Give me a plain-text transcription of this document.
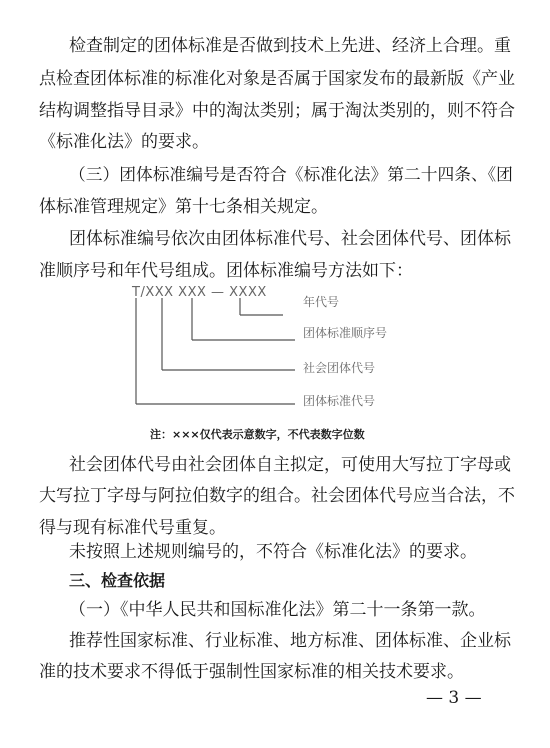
检查制定的团体标准是否做到技术上先进、经济上合理。重
点检查团体标准的标准化对象是否属于国家发布的最新版《产业
结构调整指导目录》中的淘汰类别；属于淘汰类别的，则不符合
《标准化法》的要求。
（三）团体标准编号是否符合《标准化法》第二十四条、《团
体标准管理规定》第十七条相关规定。
团体标准编号依次由团体标准代号、社会团体代号、团体标
准顺序号和年代号组成。团体标准编号方法如下：
T/XXX XXX — XXXX
年代号
团体标准顺序号
社会团体代号
团体标准代号
注：×××仅代表示意数字，不代表数字位数
社会团体代号由社会团体自主拟定，可使用大写拉丁字母或
大写拉丁字母与阿拉伯数字的组合。社会团体代号应当合法，不
得与现有标准代号重复。
未按照上述规则编号的，不符合《标准化法》的要求。
三、检查依据
（一）《中华人民共和国标准化法》第二十一条第一款。
推荐性国家标准、行业标准、地方标准、团体标准、企业标
准的技术要求不得低于强制性国家标准的相关技术要求。
— 3 —
